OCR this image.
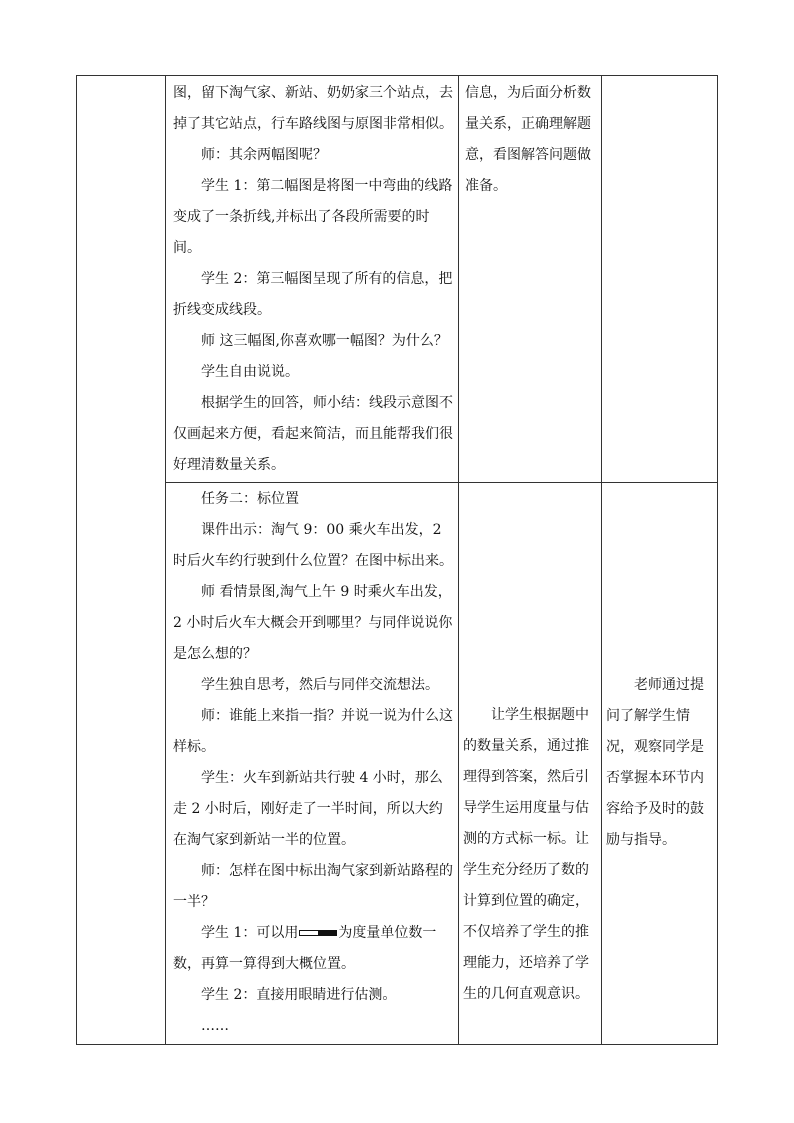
图，留下淘气家、新站、奶奶家三个站点，去掉了其它站点，行车路线图与原图非常相似。

师：其余两幅图呢？

学生 1：第二幅图是将图一中弯曲的线路变成了一条折线,并标出了各段所需要的时间。

学生 2：第三幅图呈现了所有的信息，把折线变成线段。

师 这三幅图,你喜欢哪一幅图？为什么？

学生自由说说。

根据学生的回答，师小结：线段示意图不仅画起来方便，看起来简洁，而且能帮我们很好理清数量关系。

信息，为后面分析数量关系，正确理解题意，看图解答问题做准备。

任务二：标位置

课件出示：淘气 9：00 乘火车出发，2 时后火车约行驶到什么位置？在图中标出来。

师 看情景图,淘气上午 9 时乘火车出发，2 小时后火车大概会开到哪里？与同伴说说你是怎么想的？

学生独自思考，然后与同伴交流想法。

师：谁能上来指一指？并说一说为什么这样标。

学生：火车到新站共行驶 4 小时，那么走 2 小时后，刚好走了一半时间，所以大约在淘气家到新站一半的位置。

师：怎样在图中标出淘气家到新站路程的一半？

学生 1：可以用	为度量单位数一数，再算一算得到大概位置。

学生 2：直接用眼睛进行估测。

……

让学生根据题中的数量关系，通过推理得到答案，然后引导学生运用度量与估测的方式标一标。让学生充分经历了数的计算到位置的确定，不仅培养了学生的推理能力，还培养了学生的几何直观意识。

老师通过提问了解学生情况，观察同学是否掌握本环节内容给予及时的鼓励与指导。
